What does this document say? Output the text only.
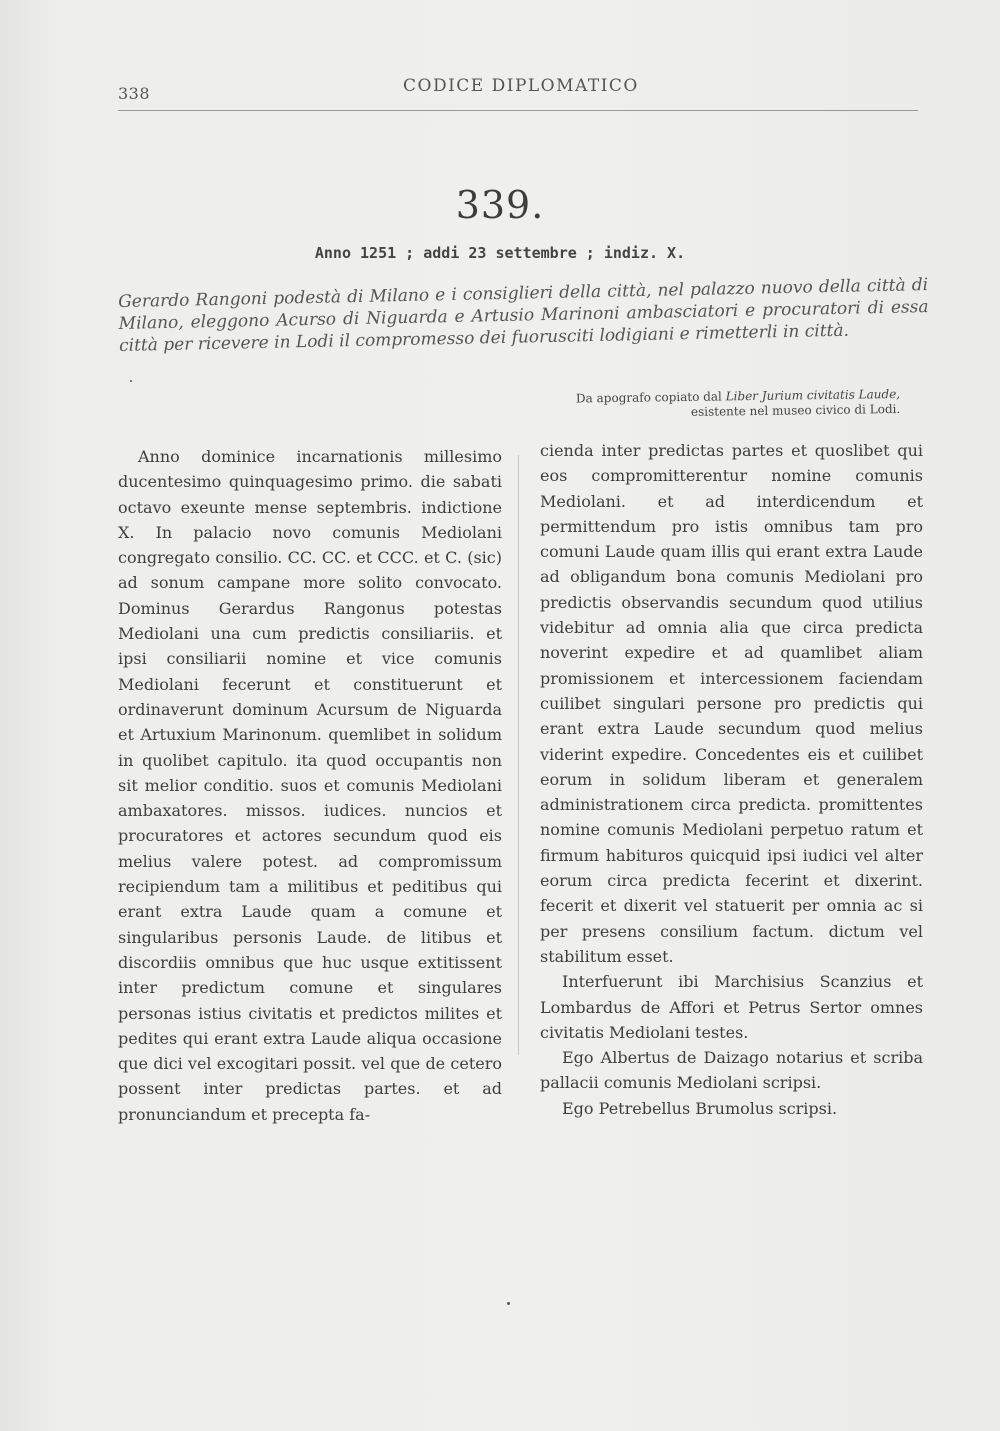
338	CODICE DIPLOMATICO

339.
Anno 1251 ; addi 23 settembre ; indiz. X.
Gerardo Rangoni podestà di Milano e i consiglieri della città, nel palazzo nuovo della città di Milano, eleggono Acurso di Niguarda e Artusio Marinoni ambasciatori e procuratori di essa città per ricevere in Lodi il compromesso dei fuorusciti lodigiani e rimetterli in città.
Da apografo copiato dal Liber Jurium civitatis Laude, esistente nel museo civico di Lodi.

Anno dominice incarnationis millesimo ducentesimo quinquagesimo primo. die sabati octavo exeunte mense septembris. indictione X. In palacio novo comunis Mediolani congregato consilio. CC. CC. et CCC. et C. (sic) ad sonum campane more solito convocato. Dominus Gerardus Rangonus potestas Mediolani una cum predictis consiliariis. et ipsi consiliarii nomine et vice comunis Mediolani fecerunt et constituerunt et ordinaverunt dominum Acursum de Niguarda et Artuxium Marinonum. quemlibet in solidum in quolibet capitulo. ita quod occupantis non sit melior conditio. suos et comunis Mediolani ambaxatores. missos. iudices. nuncios et procuratores et actores secundum quod eis melius valere potest. ad compromissum recipiendum tam a militibus et peditibus qui erant extra Laude quam a comune et singularibus personis Laude. de litibus et discordiis omnibus que huc usque extitissent inter predictum comune et singulares personas istius civitatis et predictos milites et pedites qui erant extra Laude aliqua occasione que dici vel excogitari possit. vel que de cetero possent inter predictas partes. et ad pronunciandum et precepta fa-

cienda inter predictas partes et quoslibet qui eos compromitterentur nomine comunis Mediolani. et ad interdicendum et permittendum pro istis omnibus tam pro comuni Laude quam illis qui erant extra Laude ad obligandum bona comunis Mediolani pro predictis observandis secundum quod utilius videbitur ad omnia alia que circa predicta noverint expedire et ad quamlibet aliam promissionem et intercessionem faciendam cuilibet singulari persone pro predictis qui erant extra Laude secundum quod melius viderint expedire. Concedentes eis et cuilibet eorum in solidum liberam et generalem administrationem circa predicta. promittentes nomine comunis Mediolani perpetuo ratum et firmum habituros quicquid ipsi iudici vel alter eorum circa predicta fecerint et dixerint. fecerit et dixerit vel statuerit per omnia ac si per presens consilium factum. dictum vel stabilitum esset.

Interfuerunt ibi Marchisius Scanzius et Lombardus de Affori et Petrus Sertor omnes civitatis Mediolani testes.

Ego Albertus de Daizago notarius et scriba pallacii comunis Mediolani scripsi.

Ego Petrebellus Brumolus scripsi.
